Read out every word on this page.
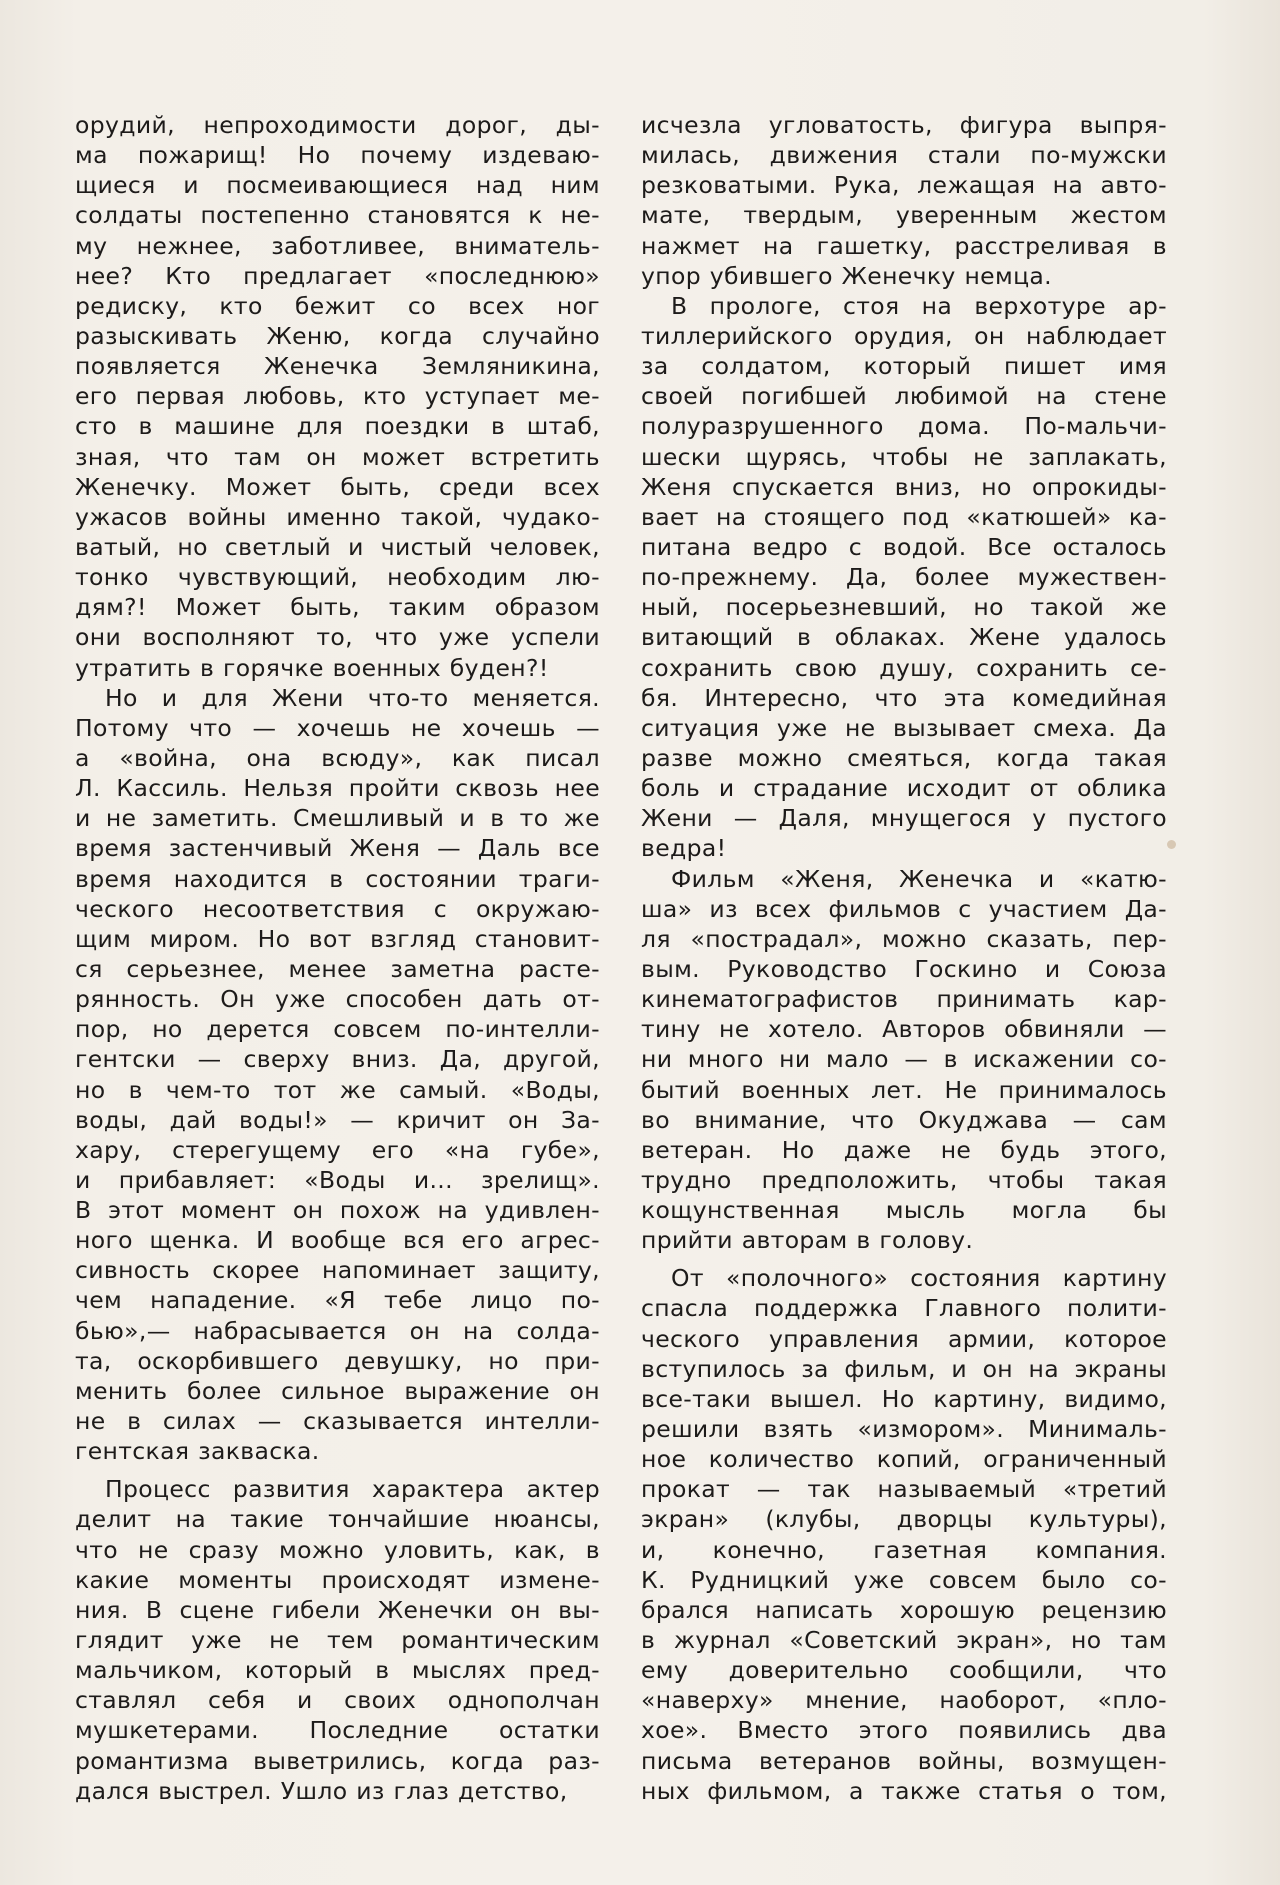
орудий, непроходимости дорог, ды-
ма пожарищ! Но почему издеваю-
щиеся и посмеивающиеся над ним
солдаты постепенно становятся к не-
му нежнее, заботливее, вниматель-
нее? Кто предлагает «последнюю»
редиску, кто бежит со всех ног
разыскивать Женю, когда случайно
появляется Женечка Земляникина,
его первая любовь, кто уступает ме-
сто в машине для поездки в штаб,
зная, что там он может встретить
Женечку. Может быть, среди всех
ужасов войны именно такой, чудако-
ватый, но светлый и чистый человек,
тонко чувствующий, необходим лю-
дям?! Может быть, таким образом
они восполняют то, что уже успели
утратить в горячке военных буден?!
Но и для Жени что-то меняется.
Потому что — хочешь не хочешь —
а «война, она всюду», как писал
Л. Кассиль. Нельзя пройти сквозь нее
и не заметить. Смешливый и в то же
время застенчивый Женя — Даль все
время находится в состоянии траги-
ческого несоответствия с окружаю-
щим миром. Но вот взгляд становит-
ся серьезнее, менее заметна расте-
рянность. Он уже способен дать от-
пор, но дерется совсем по-интелли-
гентски — сверху вниз. Да, другой,
но в чем-то тот же самый. «Воды,
воды, дай воды!» — кричит он За-
хару, стерегущему его «на губе»,
и прибавляет: «Воды и... зрелищ».
В этот момент он похож на удивлен-
ного щенка. И вообще вся его агрес-
сивность скорее напоминает защиту,
чем нападение. «Я тебе лицо по-
бью»,— набрасывается он на солда-
та, оскорбившего девушку, но при-
менить более сильное выражение он
не в силах — сказывается интелли-
гентская закваска.
Процесс развития характера актер
делит на такие тончайшие нюансы,
что не сразу можно уловить, как, в
какие моменты происходят измене-
ния. В сцене гибели Женечки он вы-
глядит уже не тем романтическим
мальчиком, который в мыслях пред-
ставлял себя и своих однополчан
мушкетерами. Последние остатки
романтизма выветрились, когда раз-
дался выстрел. Ушло из глаз детство,
исчезла угловатость, фигура выпря-
милась, движения стали по-мужски
резковатыми. Рука, лежащая на авто-
мате, твердым, уверенным жестом
нажмет на гашетку, расстреливая в
упор убившего Женечку немца.
В прологе, стоя на верхотуре ар-
тиллерийского орудия, он наблюдает
за солдатом, который пишет имя
своей погибшей любимой на стене
полуразрушенного дома. По-мальчи-
шески щурясь, чтобы не заплакать,
Женя спускается вниз, но опрокиды-
вает на стоящего под «катюшей» ка-
питана ведро с водой. Все осталось
по-прежнему. Да, более мужествен-
ный, посерьезневший, но такой же
витающий в облаках. Жене удалось
сохранить свою душу, сохранить се-
бя. Интересно, что эта комедийная
ситуация уже не вызывает смеха. Да
разве можно смеяться, когда такая
боль и страдание исходит от облика
Жени — Даля, мнущегося у пустого
ведра!
Фильм «Женя, Женечка и «катю-
ша» из всех фильмов с участием Да-
ля «пострадал», можно сказать, пер-
вым. Руководство Госкино и Союза
кинематографистов принимать кар-
тину не хотело. Авторов обвиняли —
ни много ни мало — в искажении со-
бытий военных лет. Не принималось
во внимание, что Окуджава — сам
ветеран. Но даже не будь этого,
трудно предположить, чтобы такая
кощунственная мысль могла бы
прийти авторам в голову.
От «полочного» состояния картину
спасла поддержка Главного полити-
ческого управления армии, которое
вступилось за фильм, и он на экраны
все-таки вышел. Но картину, видимо,
решили взять «измором». Минималь-
ное количество копий, ограниченный
прокат — так называемый «третий
экран» (клубы, дворцы культуры),
и, конечно, газетная компания.
К. Рудницкий уже совсем было со-
брался написать хорошую рецензию
в журнал «Советский экран», но там
ему доверительно сообщили, что
«наверху» мнение, наоборот, «пло-
хое». Вместо этого появились два
письма ветеранов войны, возмущен-
ных фильмом, а также статья о том,
